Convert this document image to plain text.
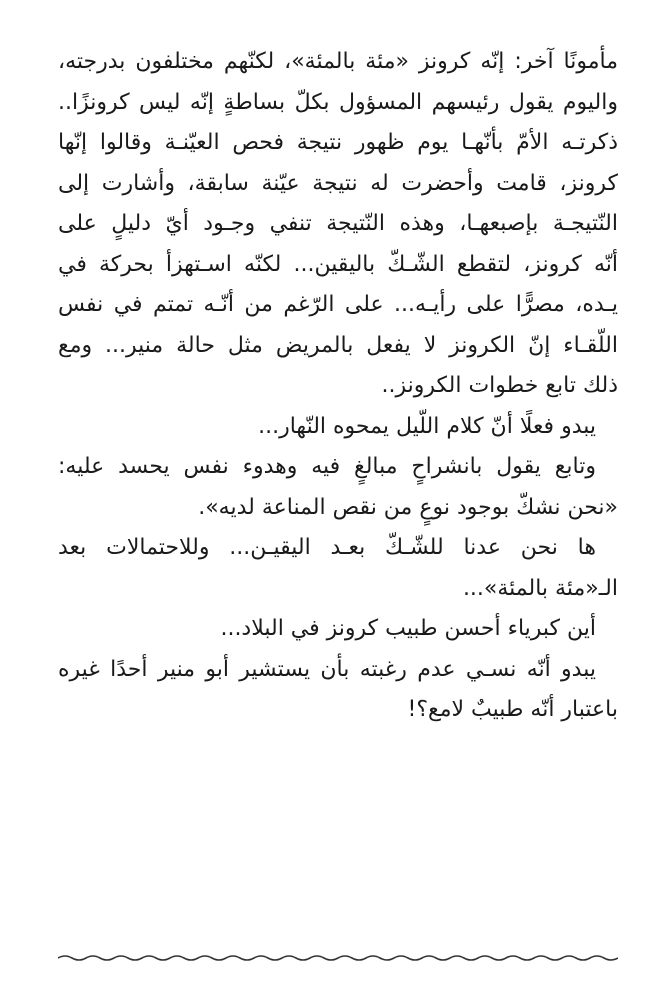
مأمونًا آخر: إنّه كرونز «مئة بالمئة»، لكنّهم مختلفون بدرجته،
واليوم يقول رئيسهم المسؤول بكلّ بساطةٍ إنّه ليس كرونزًا..
ذكرتـه الأمّ بأنّهـا يوم ظهور نتيجة فحص العيّنـة وقالوا إنّها
كرونز، قامت وأحضرت له نتيجة عيّنة سابقة، وأشارت إلى
النّتيجـة بإصبعهـا، وهذه النّتيجة تنفي وجـود أيّ دليلٍ على
أنّه كرونز، لتقطع الشّـكّ باليقين... لكنّه اسـتهزأ بحركة في
يـده، مصرًّا على رأيـه... على الرّغم من أنّـه تمتم في نفس
اللّقـاء إنّ الكرونز لا يفعل بالمريض مثل حالة منير... ومع
ذلك تابع خطوات الكرونز..
يبدو فعلًا أنّ كلام اللّيل يمحوه النّهار...
وتابع يقول بانشراحٍ مبالغٍ فيه وهدوء نفس يحسد عليه:
«نحن نشكّ بوجود نوعٍ من نقص المناعة لديه».
ها نحن عدنا للشّـكّ بعـد اليقيـن... وللاحتمالات بعد
الـ«مئة بالمئة»...
أين كبرياء أحسن طبيب كرونز في البلاد...
يبدو أنّه نسـي عدم رغبته بأن يستشير أبو منير أحدًا غيره
باعتبار أنّه طبيبٌ لامع؟!
